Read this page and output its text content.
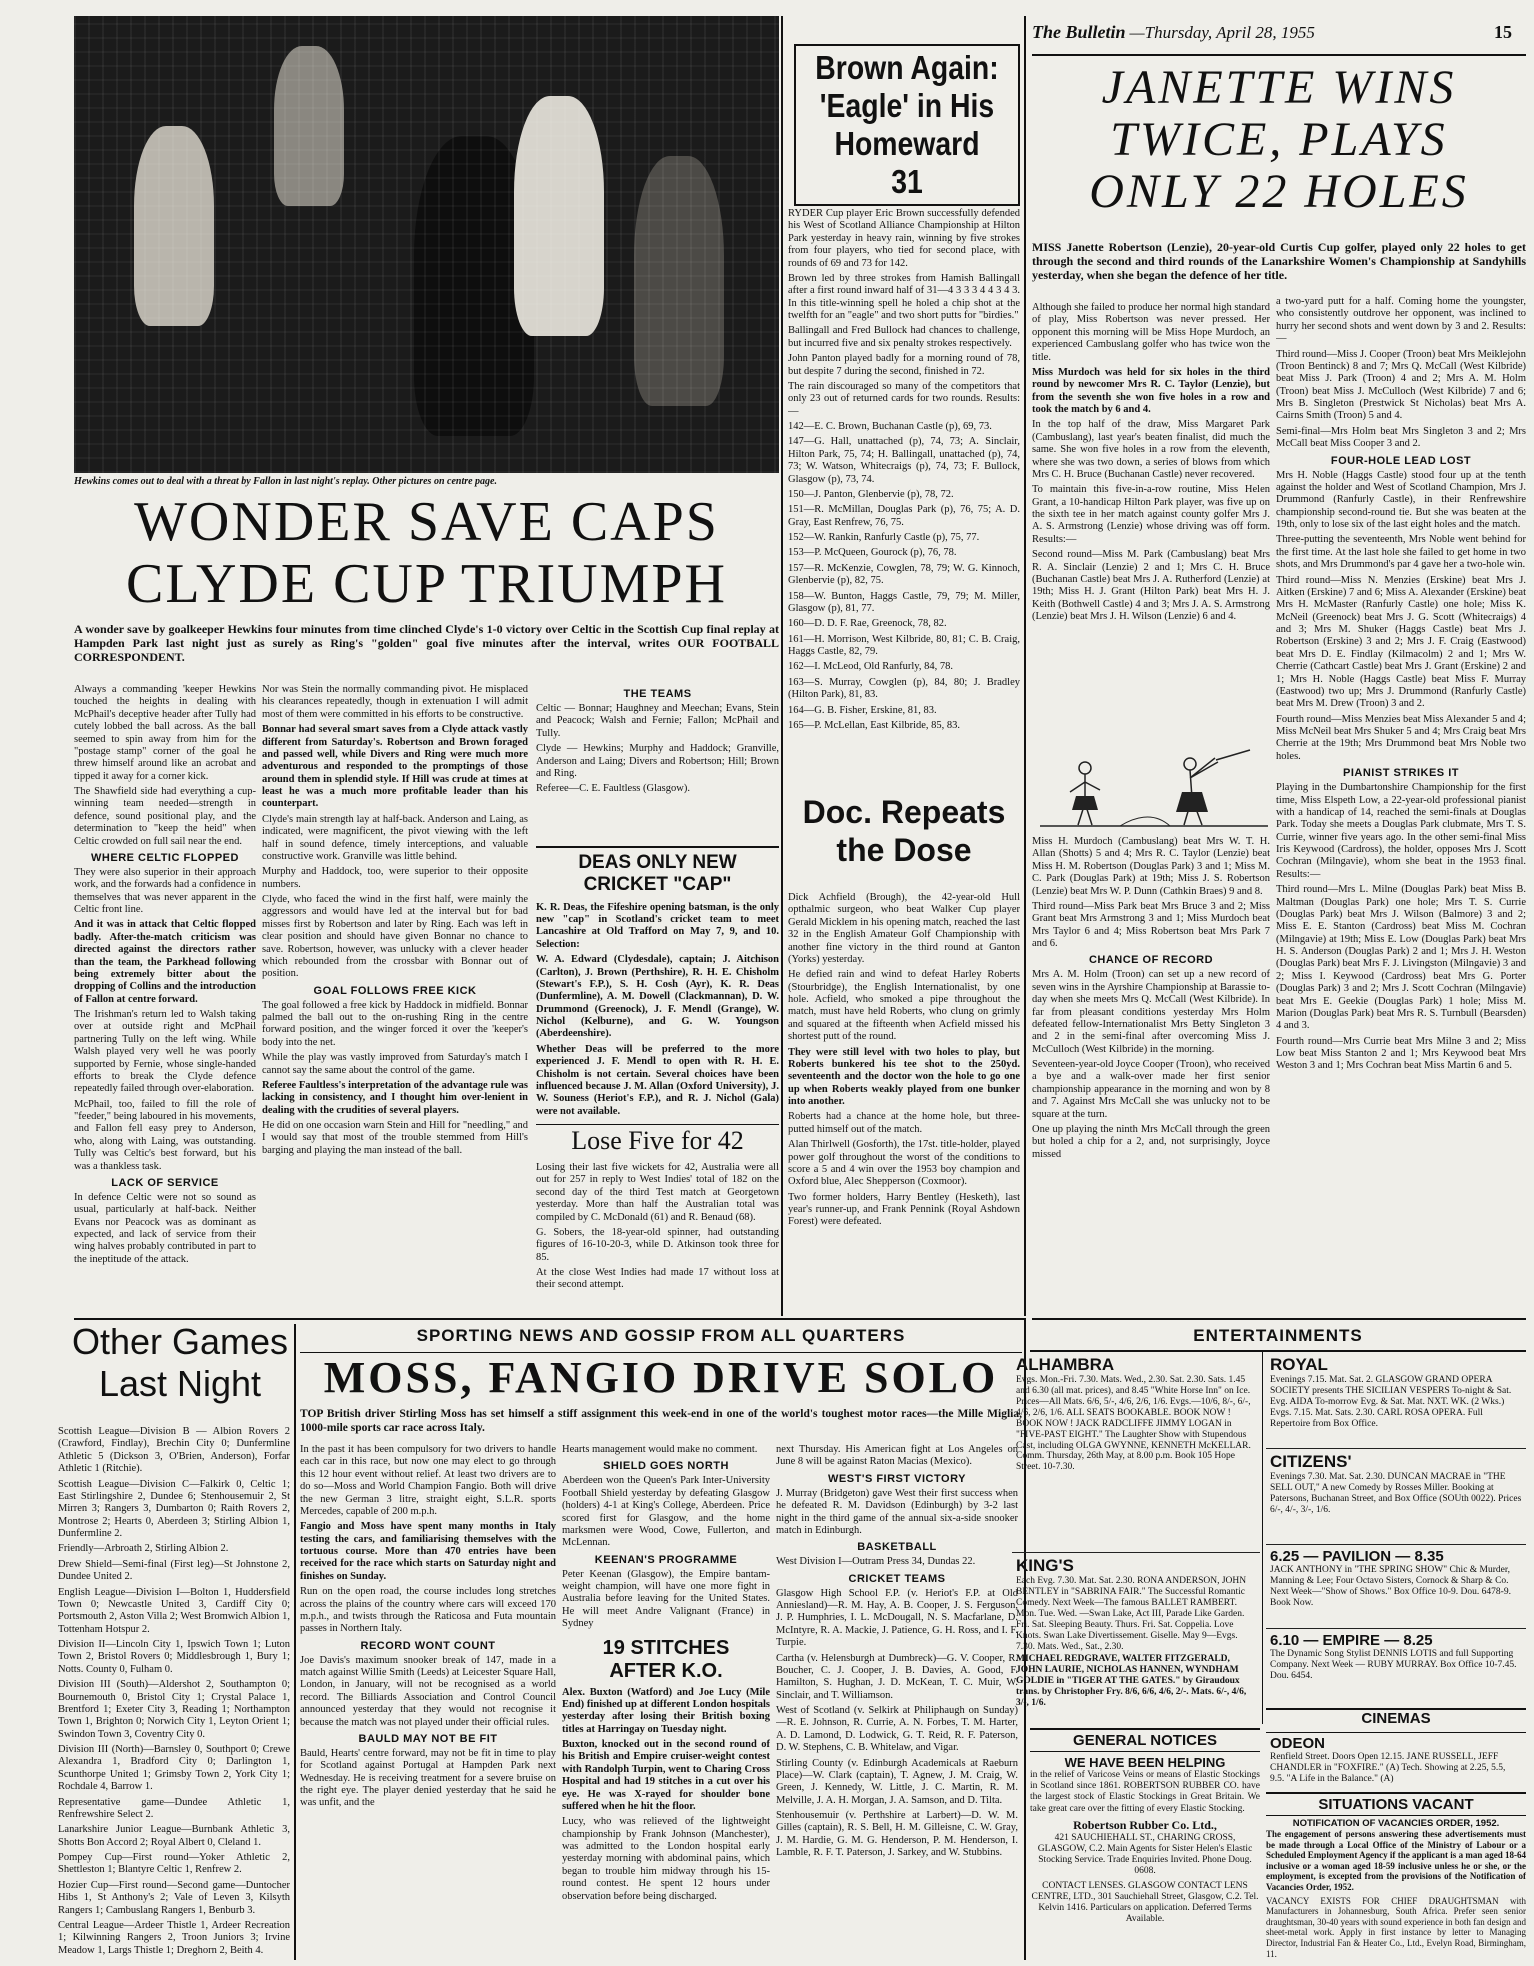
Hewkins comes out to deal with a threat by Fallon in last night's replay. Other pictures on centre page.

WONDER SAVE CAPS
CLYDE CUP TRIUMPH

A wonder save by goalkeeper Hewkins four minutes from time clinched Clyde's 1-0 victory over Celtic in the Scottish Cup final replay at Hampden Park last night just as surely as Ring's "golden" goal five minutes after the interval, writes OUR FOOTBALL CORRESPONDENT.

Always a commanding 'keeper Hewkins touched the heights in dealing with McPhail's deceptive header after Tully had cutely lobbed the ball across. As the ball seemed to spin away from him for the "postage stamp" corner of the goal he threw himself around like an acrobat and tipped it away for a corner kick.

The Shawfield side had everything a cup-winning team needed—strength in defence, sound positional play, and the determination to "keep the heid" when Celtic crowded on full sail near the end.

WHERE CELTIC FLOPPED

They were also superior in their approach work, and the forwards had a confidence in themselves that was never apparent in the Celtic front line.

And it was in attack that Celtic flopped badly. After-the-match criticism was directed against the directors rather than the team, the Parkhead following being extremely bitter about the dropping of Collins and the introduction of Fallon at centre forward.

The Irishman's return led to Walsh taking over at outside right and McPhail partnering Tully on the left wing. While Walsh played very well he was poorly supported by Fernie, whose single-handed efforts to break the Clyde defence repeatedly failed through over-elaboration.

McPhail, too, failed to fill the role of "feeder," being laboured in his movements, and Fallon fell easy prey to Anderson, who, along with Laing, was outstanding. Tully was Celtic's best forward, but his was a thankless task.

LACK OF SERVICE

In defence Celtic were not so sound as usual, particularly at half-back. Neither Evans nor Peacock was as dominant as expected, and lack of service from their wing halves probably contributed in part to the ineptitude of the attack.

Nor was Stein the normally commanding pivot. He misplaced his clearances repeatedly, though in extenuation I will admit most of them were committed in his efforts to be constructive.

Bonnar had several smart saves from a Clyde attack vastly different from Saturday's. Robertson and Brown foraged and passed well, while Divers and Ring were much more adventurous and responded to the promptings of those around them in splendid style. If Hill was crude at times at least he was a much more profitable leader than his counterpart.

Clyde's main strength lay at half-back. Anderson and Laing, as indicated, were magnificent, the pivot viewing with the left half in sound defence, timely interceptions, and valuable constructive work. Granville was little behind.

Murphy and Haddock, too, were superior to their opposite numbers.

Clyde, who faced the wind in the first half, were mainly the aggressors and would have led at the interval but for bad misses first by Robertson and later by Ring. Each was left in clear position and should have given Bonnar no chance to save. Robertson, however, was unlucky with a clever header which rebounded from the crossbar with Bonnar out of position.

GOAL FOLLOWS FREE KICK

The goal followed a free kick by Haddock in midfield. Bonnar palmed the ball out to the on-rushing Ring in the centre forward position, and the winger forced it over the 'keeper's body into the net.

While the play was vastly improved from Saturday's match I cannot say the same about the control of the game.

Referee Faultless's interpretation of the advantage rule was lacking in consistency, and I thought him over-lenient in dealing with the crudities of several players.

He did on one occasion warn Stein and Hill for "needling," and I would say that most of the trouble stemmed from Hill's barging and playing the man instead of the ball.

THE TEAMS

Celtic — Bonnar; Haughney and Meechan; Evans, Stein and Peacock; Walsh and Fernie; Fallon; McPhail and Tully.

Clyde — Hewkins; Murphy and Haddock; Granville, Anderson and Laing; Divers and Robertson; Hill; Brown and Ring.

Referee—C. E. Faultless (Glasgow).

DEAS ONLY NEW CRICKET "CAP"

K. R. Deas, the Fifeshire opening batsman, is the only new "cap" in Scotland's cricket team to meet Lancashire at Old Trafford on May 7, 9, and 10. Selection:

W. A. Edward (Clydesdale), captain; J. Aitchison (Carlton), J. Brown (Perthshire), R. H. E. Chisholm (Stewart's F.P.), S. H. Cosh (Ayr), K. R. Deas (Dunfermline), A. M. Dowell (Clackmannan), D. W. Drummond (Greenock), J. F. Mendl (Grange), W. Nichol (Kelburne), and G. W. Youngson (Aberdeenshire).

Whether Deas will be preferred to the more experienced J. F. Mendl to open with R. H. E. Chisholm is not certain. Several choices have been influenced because J. M. Allan (Oxford University), J. W. Souness (Heriot's F.P.), and R. J. Nichol (Gala) were not available.

Lose Five for 42

Losing their last five wickets for 42, Australia were all out for 257 in reply to West Indies' total of 182 on the second day of the third Test match at Georgetown yesterday. More than half the Australian total was compiled by C. McDonald (61) and R. Benaud (68).

G. Sobers, the 18-year-old spinner, had outstanding figures of 16-10-20-3, while D. Atkinson took three for 85.

At the close West Indies had made 17 without loss at their second attempt.

Brown Again:
'Eagle' in His
Homeward 31

RYDER Cup player Eric Brown successfully defended his West of Scotland Alliance Championship at Hilton Park yesterday in heavy rain, winning by five strokes from four players, who tied for second place, with rounds of 69 and 73 for 142.

Brown led by three strokes from Hamish Ballingall after a first round inward half of 31—4 3 3 3 4 4 3 4 3. In this title-winning spell he holed a chip shot at the twelfth for an "eagle" and two short putts for "birdies."

Ballingall and Fred Bullock had chances to challenge, but incurred five and six penalty strokes respectively.

John Panton played badly for a morning round of 78, but despite 7 during the second, finished in 72.

The rain discouraged so many of the competitors that only 23 out of returned cards for two rounds. Results:—

142—E. C. Brown, Buchanan Castle (p), 69, 73.

147—G. Hall, unattached (p), 74, 73; A. Sinclair, Hilton Park, 75, 74; H. Ballingall, unattached (p), 74, 73; W. Watson, Whitecraigs (p), 74, 73; F. Bullock, Glasgow (p), 73, 74.

150—J. Panton, Glenbervie (p), 78, 72.

151—R. McMillan, Douglas Park (p), 76, 75; A. D. Gray, East Renfrew, 76, 75.

152—W. Rankin, Ranfurly Castle (p), 75, 77.

153—P. McQueen, Gourock (p), 76, 78.

157—R. McKenzie, Cowglen, 78, 79; W. G. Kinnoch, Glenbervie (p), 82, 75.

158—W. Bunton, Haggs Castle, 79, 79; M. Miller, Glasgow (p), 81, 77.

160—D. D. F. Rae, Greenock, 78, 82.

161—H. Morrison, West Kilbride, 80, 81; C. B. Craig, Haggs Castle, 82, 79.

162—I. McLeod, Old Ranfurly, 84, 78.

163—S. Murray, Cowglen (p), 84, 80; J. Bradley (Hilton Park), 81, 83.

164—G. B. Fisher, Erskine, 81, 83.

165—P. McLellan, East Kilbride, 85, 83.

Doc. Repeats
the Dose

Dick Achfield (Brough), the 42-year-old Hull opthalmic surgeon, who beat Walker Cup player Gerald Micklem in his opening match, reached the last 32 in the English Amateur Golf Championship with another fine victory in the third round at Ganton (Yorks) yesterday.

He defied rain and wind to defeat Harley Roberts (Stourbridge), the English Internationalist, by one hole. Acfield, who smoked a pipe throughout the match, must have held Roberts, who clung on grimly and squared at the fifteenth when Acfield missed his shortest putt of the round.

They were still level with two holes to play, but Roberts bunkered his tee shot to the 250yd. seventeenth and the doctor won the hole to go one up when Roberts weakly played from one bunker into another.

Roberts had a chance at the home hole, but three-putted himself out of the match.

Alan Thirlwell (Gosforth), the 17st. title-holder, played power golf throughout the worst of the conditions to score a 5 and 4 win over the 1953 boy champion and Oxford blue, Alec Shepperson (Coxmoor).

Two former holders, Harry Bentley (Hesketh), last year's runner-up, and Frank Pennink (Royal Ashdown Forest) were defeated.

The Bulletin —Thursday, April 28, 1955	15
JANETTE WINS
TWICE, PLAYS
ONLY 22 HOLES

MISS Janette Robertson (Lenzie), 20-year-old Curtis Cup golfer, played only 22 holes to get through the second and third rounds of the Lanarkshire Women's Championship at Sandyhills yesterday, when she began the defence of her title.

Although she failed to produce her normal high standard of play, Miss Robertson was never pressed. Her opponent this morning will be Miss Hope Murdoch, an experienced Cambuslang golfer who has twice won the title.

Miss Murdoch was held for six holes in the third round by newcomer Mrs R. C. Taylor (Lenzie), but from the seventh she won five holes in a row and took the match by 6 and 4.

In the top half of the draw, Miss Margaret Park (Cambuslang), last year's beaten finalist, did much the same. She won five holes in a row from the eleventh, where she was two down, a series of blows from which Mrs C. H. Bruce (Buchanan Castle) never recovered.

To maintain this five-in-a-row routine, Miss Helen Grant, a 10-handicap Hilton Park player, was five up on the sixth tee in her match against county golfer Mrs J. A. S. Armstrong (Lenzie) whose driving was off form. Results:—

Second round—Miss M. Park (Cambuslang) beat Mrs R. A. Sinclair (Lenzie) 2 and 1; Mrs C. H. Bruce (Buchanan Castle) beat Mrs J. A. Rutherford (Lenzie) at 19th; Miss H. J. Grant (Hilton Park) beat Mrs H. J. Keith (Bothwell Castle) 4 and 3; Mrs J. A. S. Armstrong (Lenzie) beat Mrs J. H. Wilson (Lenzie) 6 and 4.

Miss H. Murdoch (Cambuslang) beat Mrs W. T. H. Allan (Shotts) 5 and 4; Mrs R. C. Taylor (Lenzie) beat Miss H. M. Robertson (Douglas Park) 3 and 1; Miss M. C. Park (Douglas Park) at 19th; Miss J. S. Robertson (Lenzie) beat Mrs W. P. Dunn (Cathkin Braes) 9 and 8.

Third round—Miss Park beat Mrs Bruce 3 and 2; Miss Grant beat Mrs Armstrong 3 and 1; Miss Murdoch beat Mrs Taylor 6 and 4; Miss Robertson beat Mrs Park 7 and 6.

CHANCE OF RECORD

Mrs A. M. Holm (Troon) can set up a new record of seven wins in the Ayrshire Championship at Barassie to-day when she meets Mrs Q. McCall (West Kilbride). In far from pleasant conditions yesterday Mrs Holm defeated fellow-Internationalist Mrs Betty Singleton 3 and 2 in the semi-final after overcoming Miss J. McCulloch (West Kilbride) in the morning.

Seventeen-year-old Joyce Cooper (Troon), who received a bye and a walk-over made her first senior championship appearance in the morning and won by 8 and 7. Against Mrs McCall she was unlucky not to be square at the turn.

One up playing the ninth Mrs McCall through the green but holed a chip for a 2, and, not surprisingly, Joyce missed

a two-yard putt for a half. Coming home the youngster, who consistently outdrove her opponent, was inclined to hurry her second shots and went down by 3 and 2. Results:—

Third round—Miss J. Cooper (Troon) beat Mrs Meiklejohn (Troon Bentinck) 8 and 7; Mrs Q. McCall (West Kilbride) beat Miss J. Park (Troon) 4 and 2; Mrs A. M. Holm (Troon) beat Miss J. McCulloch (West Kilbride) 7 and 6; Mrs B. Singleton (Prestwick St Nicholas) beat Mrs A. Cairns Smith (Troon) 5 and 4.

Semi-final—Mrs Holm beat Mrs Singleton 3 and 2; Mrs McCall beat Miss Cooper 3 and 2.

FOUR-HOLE LEAD LOST

Mrs H. Noble (Haggs Castle) stood four up at the tenth against the holder and West of Scotland Champion, Mrs J. Drummond (Ranfurly Castle), in their Renfrewshire championship second-round tie. But she was beaten at the 19th, only to lose six of the last eight holes and the match.

Three-putting the seventeenth, Mrs Noble went behind for the first time. At the last hole she failed to get home in two shots, and Mrs Drummond's par 4 gave her a two-hole win.

Third round—Miss N. Menzies (Erskine) beat Mrs J. Aitken (Erskine) 7 and 6; Miss A. Alexander (Erskine) beat Mrs H. McMaster (Ranfurly Castle) one hole; Miss K. McNeil (Greenock) beat Mrs J. G. Scott (Whitecraigs) 4 and 3; Mrs M. Shuker (Haggs Castle) beat Mrs J. Robertson (Erskine) 3 and 2; Mrs J. F. Craig (Eastwood) beat Mrs D. E. Findlay (Kilmacolm) 2 and 1; Mrs W. Cherrie (Cathcart Castle) beat Mrs J. Grant (Erskine) 2 and 1; Mrs H. Noble (Haggs Castle) beat Miss F. Murray (Eastwood) two up; Mrs J. Drummond (Ranfurly Castle) beat Mrs M. Drew (Troon) 3 and 2.

Fourth round—Miss Menzies beat Miss Alexander 5 and 4; Miss McNeil beat Mrs Shuker 5 and 4; Mrs Craig beat Mrs Cherrie at the 19th; Mrs Drummond beat Mrs Noble two holes.

PIANIST STRIKES IT

Playing in the Dumbartonshire Championship for the first time, Miss Elspeth Low, a 22-year-old professional pianist with a handicap of 14, reached the semi-finals at Douglas Park. Today she meets a Douglas Park clubmate, Mrs T. S. Currie, winner five years ago. In the other semi-final Miss Iris Keywood (Cardross), the holder, opposes Mrs J. Scott Cochran (Milngavie), whom she beat in the 1953 final. Results:—

Third round—Mrs L. Milne (Douglas Park) beat Miss B. Maltman (Douglas Park) one hole; Mrs T. S. Currie (Douglas Park) beat Mrs J. Wilson (Balmore) 3 and 2; Miss E. E. Stanton (Cardross) beat Miss M. Cochran (Milngavie) at 19th; Miss E. Low (Douglas Park) beat Mrs H. S. Anderson (Douglas Park) 2 and 1; Mrs J. H. Weston (Douglas Park) beat Mrs F. J. Livingston (Milngavie) 3 and 2; Miss I. Keywood (Cardross) beat Mrs G. Porter (Douglas Park) 3 and 2; Mrs J. Scott Cochran (Milngavie) beat Mrs E. Geekie (Douglas Park) 1 hole; Miss M. Marion (Douglas Park) beat Mrs R. S. Turnbull (Bearsden) 4 and 3.

Fourth round—Mrs Currie beat Mrs Milne 3 and 2; Miss Low beat Miss Stanton 2 and 1; Mrs Keywood beat Mrs Weston 3 and 1; Mrs Cochran beat Miss Martin 6 and 5.

Other Games
Last Night

Scottish League—Division B — Albion Rovers 2 (Crawford, Findlay), Brechin City 0; Dunfermline Athletic 5 (Dickson 3, O'Brien, Anderson), Forfar Athletic 1 (Ritchie).

Scottish League—Division C—Falkirk 0, Celtic 1; East Stirlingshire 2, Dundee 6; Stenhousemuir 2, St Mirren 3; Rangers 3, Dumbarton 0; Raith Rovers 2, Montrose 2; Hearts 0, Aberdeen 3; Stirling Albion 1, Dunfermline 2.

Friendly—Arbroath 2, Stirling Albion 2.

Drew Shield—Semi-final (First leg)—St Johnstone 2, Dundee United 2.

English League—Division I—Bolton 1, Huddersfield Town 0; Newcastle United 3, Cardiff City 0; Portsmouth 2, Aston Villa 2; West Bromwich Albion 1, Tottenham Hotspur 2.

Division II—Lincoln City 1, Ipswich Town 1; Luton Town 2, Bristol Rovers 0; Middlesbrough 1, Bury 1; Notts. County 0, Fulham 0.

Division III (South)—Aldershot 2, Southampton 0; Bournemouth 0, Bristol City 1; Crystal Palace 1, Brentford 1; Exeter City 3, Reading 1; Northampton Town 1, Brighton 0; Norwich City 1, Leyton Orient 1; Swindon Town 3, Coventry City 0.

Division III (North)—Barnsley 0, Southport 0; Crewe Alexandra 1, Bradford City 0; Darlington 1, Scunthorpe United 1; Grimsby Town 2, York City 1; Rochdale 4, Barrow 1.

Representative game—Dundee Athletic 1, Renfrewshire Select 2.

Lanarkshire Junior League—Burnbank Athletic 3, Shotts Bon Accord 2; Royal Albert 0, Cleland 1.

Pompey Cup—First round—Yoker Athletic 2, Shettleston 1; Blantyre Celtic 1, Renfrew 2.

Hozier Cup—First round—Second game—Duntocher Hibs 1, St Anthony's 2; Vale of Leven 3, Kilsyth Rangers 1; Cambuslang Rangers 1, Benburb 3.

Central League—Ardeer Thistle 1, Ardeer Recreation 1; Kilwinning Rangers 2, Troon Juniors 3; Irvine Meadow 1, Largs Thistle 1; Dreghorn 2, Beith 4.

SPORTING NEWS AND GOSSIP FROM ALL QUARTERS
MOSS, FANGIO DRIVE SOLO

TOP British driver Stirling Moss has set himself a stiff assignment this week-end in one of the world's toughest motor races—the Mille Miglia, 1000-mile sports car race across Italy.

In the past it has been compulsory for two drivers to handle each car in this race, but now one may elect to go through this 12 hour event without relief. At least two drivers are to do so—Moss and World Champion Fangio. Both will drive the new German 3 litre, straight eight, S.L.R. sports Mercedes, capable of 200 m.p.h.

Fangio and Moss have spent many months in Italy testing the cars, and familiarising themselves with the tortuous course. More than 470 entries have been received for the race which starts on Saturday night and finishes on Sunday.

Run on the open road, the course includes long stretches across the plains of the country where cars will exceed 170 m.p.h., and twists through the Raticosa and Futa mountain passes in Northern Italy.

RECORD WONT COUNT

Joe Davis's maximum snooker break of 147, made in a match against Willie Smith (Leeds) at Leicester Square Hall, London, in January, will not be recognised as a world record. The Billiards Association and Control Council announced yesterday that they would not recognise it because the match was not played under their official rules.

BAULD MAY NOT BE FIT

Bauld, Hearts' centre forward, may not be fit in time to play for Scotland against Portugal at Hampden Park next Wednesday. He is receiving treatment for a severe bruise on the right eye. The player denied yesterday that he said he was unfit, and the

Hearts management would make no comment.

SHIELD GOES NORTH

Aberdeen won the Queen's Park Inter-University Football Shield yesterday by defeating Glasgow (holders) 4-1 at King's College, Aberdeen. Price scored first for Glasgow, and the home marksmen were Wood, Cowe, Fullerton, and McLennan.

KEENAN'S PROGRAMME

Peter Keenan (Glasgow), the Empire bantam-weight champion, will have one more fight in Australia before leaving for the United States. He will meet Andre Valignant (France) in Sydney

19 STITCHES
AFTER K.O.

Alex. Buxton (Watford) and Joe Lucy (Mile End) finished up at different London hospitals yesterday after losing their British boxing titles at Harringay on Tuesday night.

Buxton, knocked out in the second round of his British and Empire cruiser-weight contest with Randolph Turpin, went to Charing Cross Hospital and had 19 stitches in a cut over his eye. He was X-rayed for shoulder bone suffered when he hit the floor.

Lucy, who was relieved of the lightweight championship by Frank Johnson (Manchester), was admitted to the London hospital early yesterday morning with abdominal pains, which began to trouble him midway through his 15-round contest. He spent 12 hours under observation before being discharged.

next Thursday. His American fight at Los Angeles on June 8 will be against Raton Macias (Mexico).

WEST'S FIRST VICTORY

J. Murray (Bridgeton) gave West their first success when he defeated R. M. Davidson (Edinburgh) by 3-2 last night in the third game of the annual six-a-side snooker match in Edinburgh.

BASKETBALL

West Division I—Outram Press 34, Dundas 22.

CRICKET TEAMS

Glasgow High School F.P. (v. Heriot's F.P. at Old Anniesland)—R. M. Hay, A. B. Cooper, J. S. Ferguson, J. P. Humphries, I. L. McDougall, N. S. Macfarlane, D. McIntyre, R. A. Mackie, J. Patience, G. H. Ross, and I. F. Turpie.

Cartha (v. Helensburgh at Dumbreck)—G. V. Cooper, R. Boucher, C. J. Cooper, J. B. Davies, A. Good, F. Hamilton, S. Hughan, J. D. McKean, T. C. Muir, W. Sinclair, and T. Williamson.

West of Scotland (v. Selkirk at Philiphaugh on Sunday)—R. E. Johnson, R. Currie, A. N. Forbes, T. M. Harter, A. D. Lamond, D. Lodwick, G. T. Reid, R. F. Paterson, D. W. Stephens, C. B. Whitelaw, and Vigar.

Stirling County (v. Edinburgh Academicals at Raeburn Place)—W. Clark (captain), T. Agnew, J. M. Craig, W. Green, J. Kennedy, W. Little, J. C. Martin, R. M. Melville, J. A. H. Morgan, J. A. Samson, and D. Tilta.

Stenhousemuir (v. Perthshire at Larbert)—D. W. M. Gilles (captain), R. S. Bell, H. M. Gilleisne, C. W. Gray, J. M. Hardie, G. M. G. Henderson, P. M. Henderson, I. Lamble, R. F. T. Paterson, J. Sarkey, and W. Stubbins.

ENTERTAINMENTS
ALHAMBRA
Evgs. Mon.-Fri. 7.30. Mats. Wed., 2.30. Sat. 2.30. Sats. 1.45 and 6.30 (all mat. prices), and 8.45 "White Horse Inn" on Ice. Prices—All Mats. 6/6, 5/-, 4/6, 2/6, 1/6. Evgs.—10/6, 8/-, 6/-, 4/6, 2/6, 1/6. ALL SEATS BOOKABLE. BOOK NOW ! BOOK NOW ! JACK RADCLIFFE JIMMY LOGAN in "FIVE-PAST EIGHT." The Laughter Show with Stupendous Cast, including OLGA GWYNNE, KENNETH McKELLAR. Comm. Thursday, 26th May, at 8.00 p.m. Book 105 Hope Street. 10-7.30.
KING'S
Each Evg. 7.30. Mat. Sat. 2.30. RONA ANDERSON, JOHN BENTLEY in "SABRINA FAIR." The Successful Romantic Comedy. Next Week—The famous BALLET RAMBERT. Mon. Tue. Wed. —Swan Lake, Act III, Parade Like Garden. Fri. Sat. Sleeping Beauty. Thurs. Fri. Sat. Coppelia. Love Knots. Swan Lake Divertissement. Giselle. May 9—Evgs. 7.30. Mats. Wed., Sat., 2.30.
MICHAEL REDGRAVE, WALTER FITZGERALD, JOHN LAURIE, NICHOLAS HANNEN, WYNDHAM GOLDIE in "TIGER AT THE GATES." by Giraudoux trans. by Christopher Fry. 8/6, 6/6, 4/6, 2/-. Mats. 6/-, 4/6, 3/-, 1/6.
ROYAL
Evenings 7.15. Mat. Sat. 2. GLASGOW GRAND OPERA SOCIETY presents THE SICILIAN VESPERS To-night & Sat. Evg. AIDA To-morrow Evg. & Sat. Mat. NXT. WK. (2 Wks.) Evgs. 7.15. Mat. Sats. 2.30. CARL ROSA OPERA. Full Repertoire from Box Office.
CITIZENS'
Evenings 7.30. Mat. Sat. 2.30. DUNCAN MACRAE in "THE SELL OUT," A new Comedy by Rosses Miller. Booking at Patersons, Buchanan Street, and Box Office (SOUth 0022). Prices 6/-, 4/-, 3/-, 1/6.
6.25 — PAVILION — 8.35
JACK ANTHONY in "THE SPRING SHOW" Chic & Murder, Manning & Lee; Four Octavo Sisters, Cornock & Sharp & Co. Next Week—"Show of Shows." Box Office 10-9. Dou. 6478-9. Book Now.
6.10 — EMPIRE — 8.25
The Dynamic Song Stylist DENNIS LOTIS and full Supporting Company. Next Week — RUBY MURRAY. Box Office 10-7.45. Dou. 6454.
CINEMAS
ODEON
Renfield Street. Doors Open 12.15. JANE RUSSELL, JEFF CHANDLER in "FOXFIRE." (A) Tech. Showing at 2.25, 5.5, 9.5. "A Life in the Balance." (A)
GENERAL NOTICES
WE HAVE BEEN HELPING

in the relief of Varicose Veins or means of Elastic Stockings in Scotland since 1861. ROBERTSON RUBBER CO. have the largest stock of Elastic Stockings in Great Britain. We take great care over the fitting of every Elastic Stocking.

Robertson Rubber Co. Ltd.,

421 SAUCHIEHALL ST., CHARING CROSS, GLASGOW, C.2. Main Agents for Sister Helen's Elastic Stocking Service. Trade Enquiries Invited. Phone Doug. 0608.

CONTACT LENSES. GLASGOW CONTACT LENS CENTRE, LTD., 301 Sauchiehall Street, Glasgow, C.2. Tel. Kelvin 1416. Particulars on application. Deferred Terms Available.

SITUATIONS VACANT
NOTIFICATION OF VACANCIES ORDER, 1952.

The engagement of persons answering these advertisements must be made through a Local Office of the Ministry of Labour or a Scheduled Employment Agency if the applicant is a man aged 18-64 inclusive or a woman aged 18-59 inclusive unless he or she, or the employment, is excepted from the provisions of the Notification of Vacancies Order, 1952.

VACANCY EXISTS FOR CHIEF DRAUGHTSMAN with Manufacturers in Johannesburg, South Africa. Prefer seen senior draughtsman, 30-40 years with sound experience in both fan design and sheet-metal work. Apply in first instance by letter to Managing Director, Industrial Fan & Heater Co., Ltd., Evelyn Road, Birmingham, 11.
